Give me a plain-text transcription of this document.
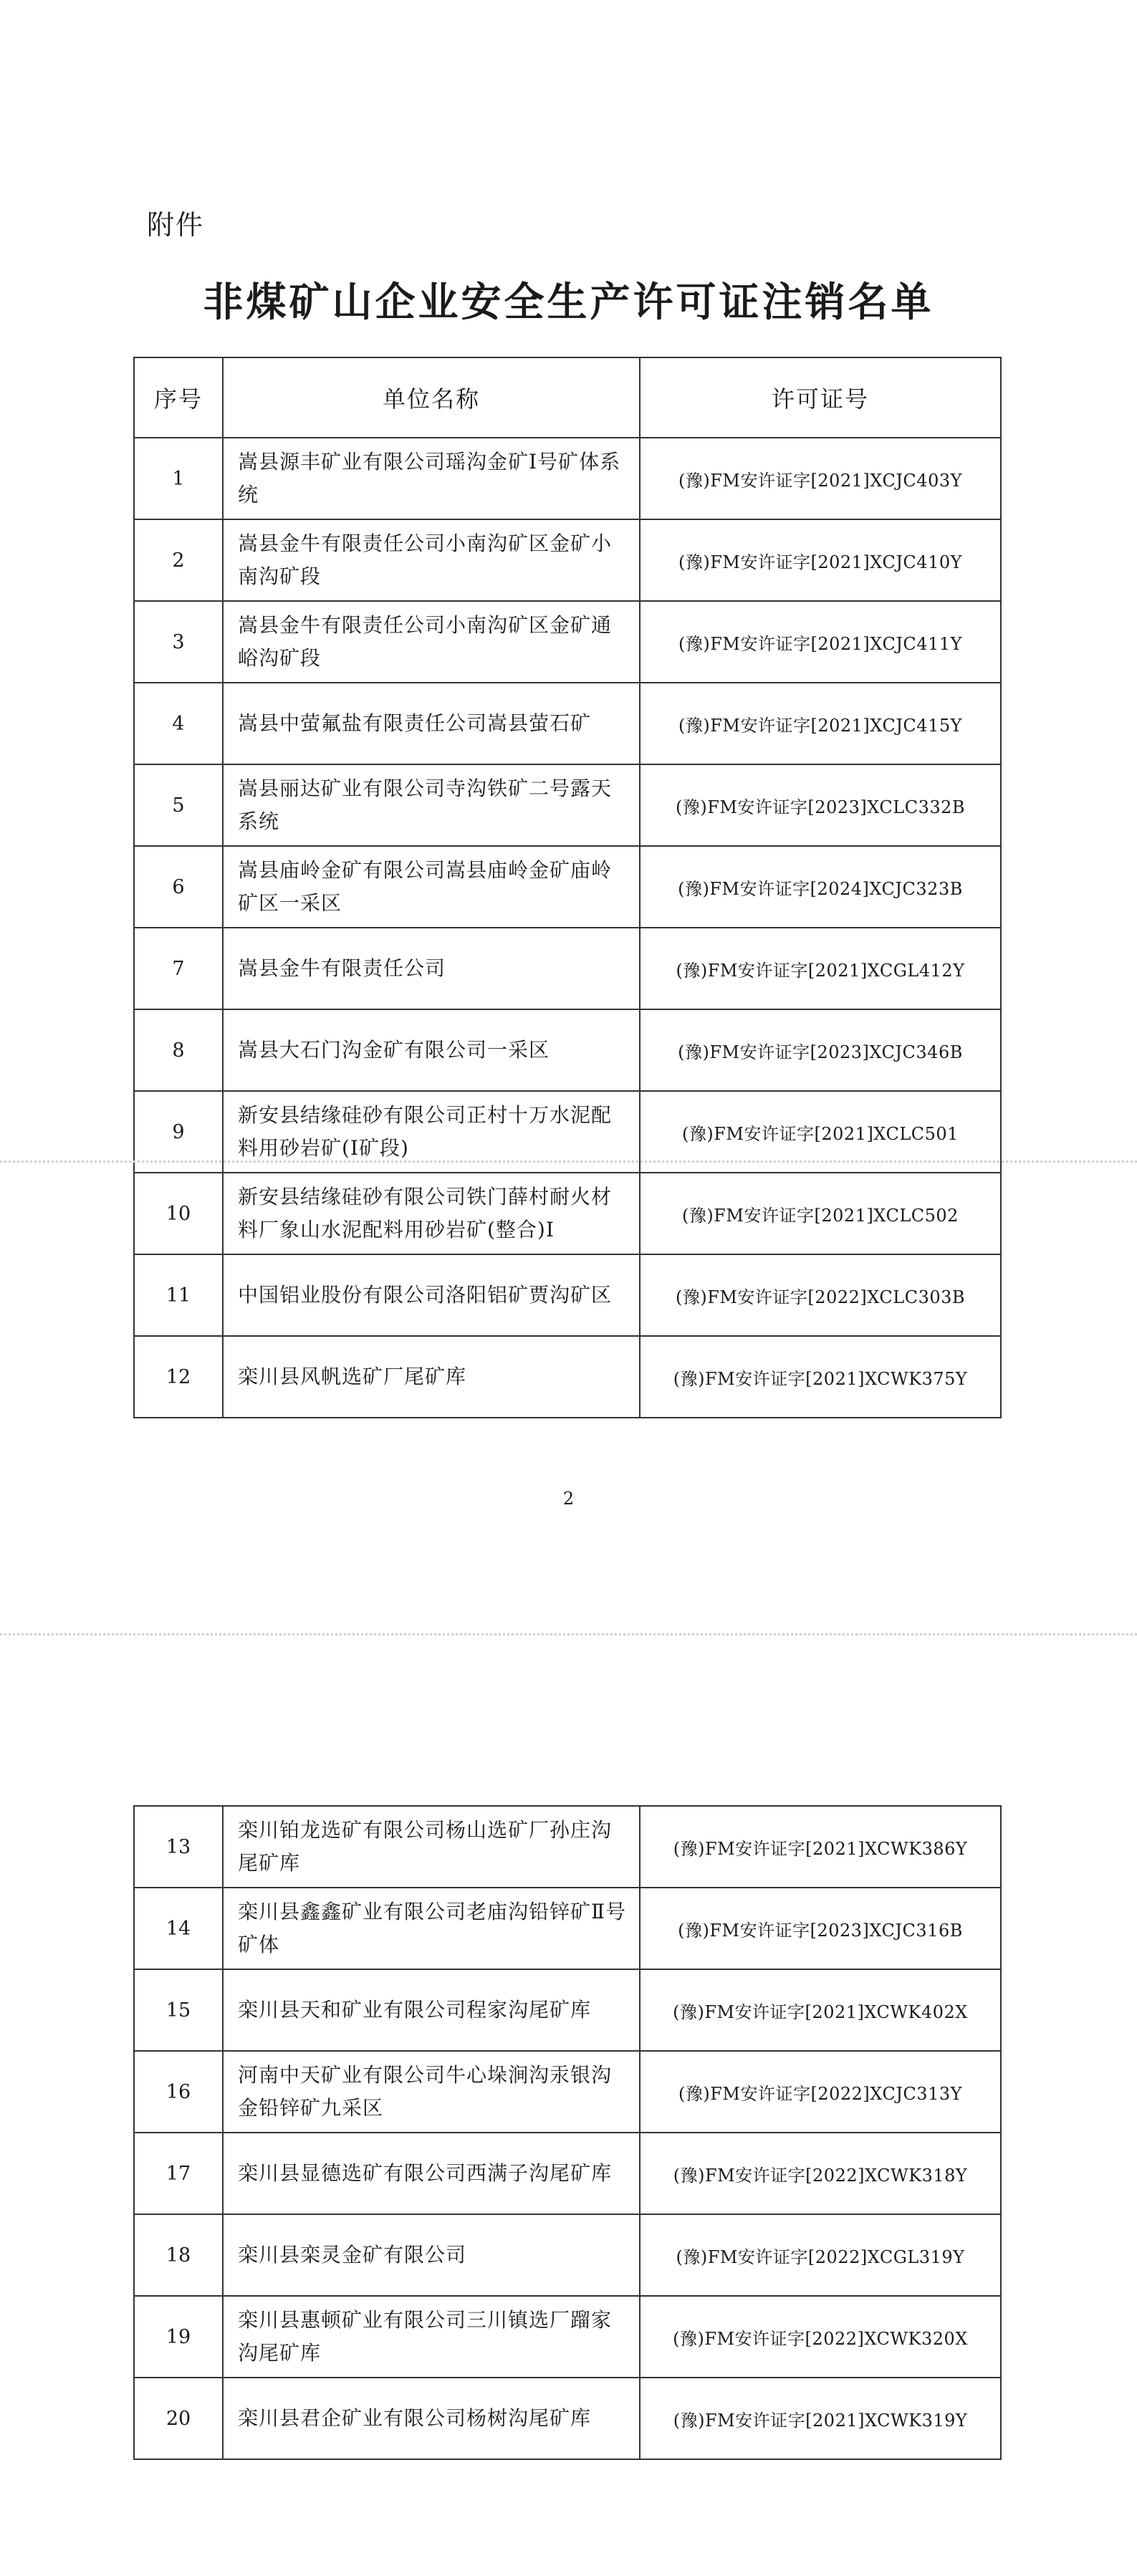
附件
非煤矿山企业安全生产许可证注销名单
序号	单位名称	许可证号
1	嵩县源丰矿业有限公司瑶沟金矿Ⅰ号矿体系统	(豫)FM安许证字[2021]XCJC403Y
2	嵩县金牛有限责任公司小南沟矿区金矿小南沟矿段	(豫)FM安许证字[2021]XCJC410Y
3	嵩县金牛有限责任公司小南沟矿区金矿通峪沟矿段	(豫)FM安许证字[2021]XCJC411Y
4	嵩县中萤氟盐有限责任公司嵩县萤石矿	(豫)FM安许证字[2021]XCJC415Y
5	嵩县丽达矿业有限公司寺沟铁矿二号露天系统	(豫)FM安许证字[2023]XCLC332B
6	嵩县庙岭金矿有限公司嵩县庙岭金矿庙岭矿区一采区	(豫)FM安许证字[2024]XCJC323B
7	嵩县金牛有限责任公司	(豫)FM安许证字[2021]XCGL412Y
8	嵩县大石门沟金矿有限公司一采区	(豫)FM安许证字[2023]XCJC346B
9	新安县结缘硅砂有限公司正村十万水泥配料用砂岩矿(Ⅰ矿段)	(豫)FM安许证字[2021]XCLC501
10	新安县结缘硅砂有限公司铁门薛村耐火材料厂象山水泥配料用砂岩矿(整合)Ⅰ	(豫)FM安许证字[2021]XCLC502
11	中国铝业股份有限公司洛阳铝矿贾沟矿区	(豫)FM安许证字[2022]XCLC303B
12	栾川县风帆选矿厂尾矿库	(豫)FM安许证字[2021]XCWK375Y
2
13	栾川铂龙选矿有限公司杨山选矿厂孙庄沟尾矿库	(豫)FM安许证字[2021]XCWK386Y
14	栾川县鑫鑫矿业有限公司老庙沟铅锌矿Ⅱ号矿体	(豫)FM安许证字[2023]XCJC316B
15	栾川县天和矿业有限公司程家沟尾矿库	(豫)FM安许证字[2021]XCWK402X
16	河南中天矿业有限公司牛心垛涧沟汞银沟金铅锌矿九采区	(豫)FM安许证字[2022]XCJC313Y
17	栾川县显德选矿有限公司西满子沟尾矿库	(豫)FM安许证字[2022]XCWK318Y
18	栾川县栾灵金矿有限公司	(豫)FM安许证字[2022]XCGL319Y
19	栾川县惠顿矿业有限公司三川镇选厂蹓家沟尾矿库	(豫)FM安许证字[2022]XCWK320X
20	栾川县君企矿业有限公司杨树沟尾矿库	(豫)FM安许证字[2021]XCWK319Y
